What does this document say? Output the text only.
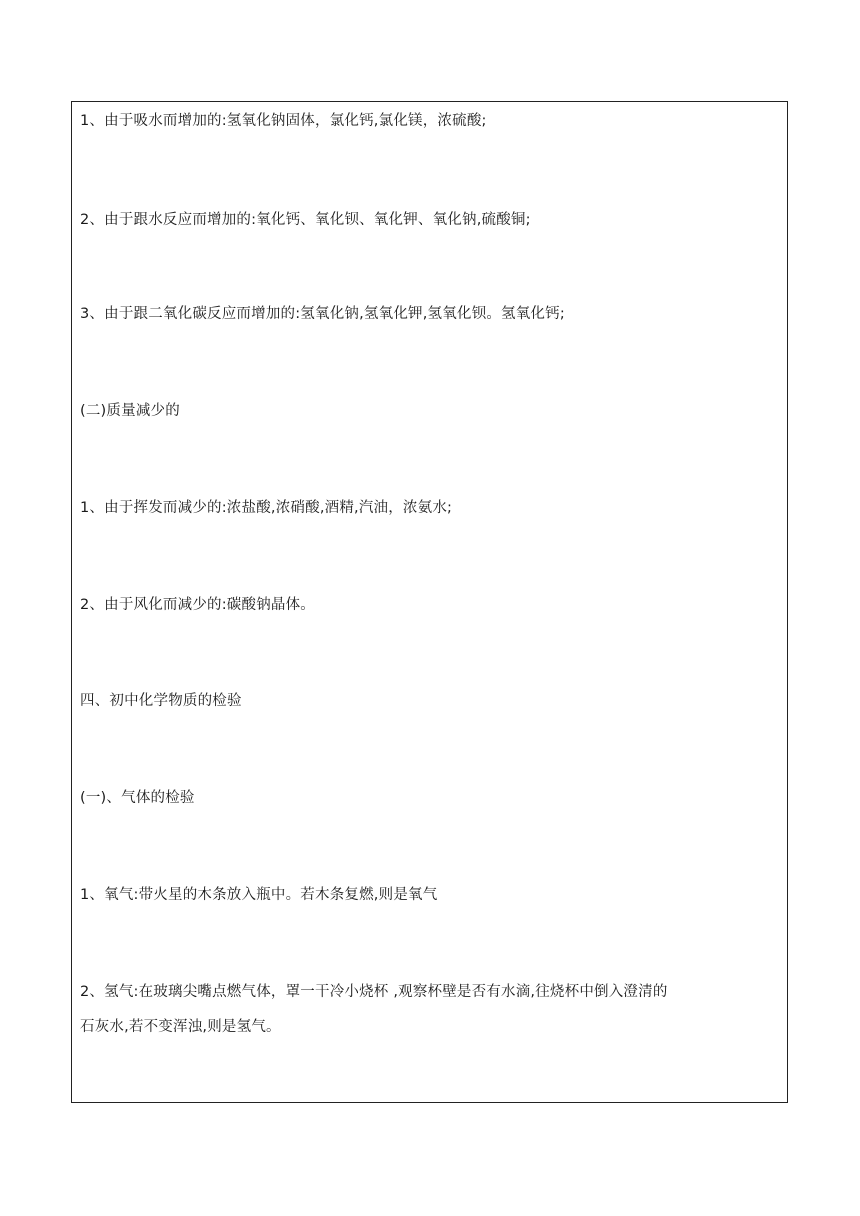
1、由于吸水而增加的:氢氧化钠固体，氯化钙,氯化镁，浓硫酸;
2、由于跟水反应而增加的:氧化钙、氧化钡、氧化钾、氧化钠,硫酸铜;
3、由于跟二氧化碳反应而增加的:氢氧化钠,氢氧化钾,氢氧化钡。氢氧化钙;
(二)质量减少的
1、由于挥发而减少的:浓盐酸,浓硝酸,酒精,汽油，浓氨水;
2、由于风化而减少的:碳酸钠晶体。
四、初中化学物质的检验
(一)、气体的检验
1、氧气:带火星的木条放入瓶中。若木条复燃,则是氧气
2、氢气:在玻璃尖嘴点燃气体，罩一干冷小烧杯 ,观察杯壁是否有水滴,往烧杯中倒入澄清的
石灰水,若不变浑浊,则是氢气。
